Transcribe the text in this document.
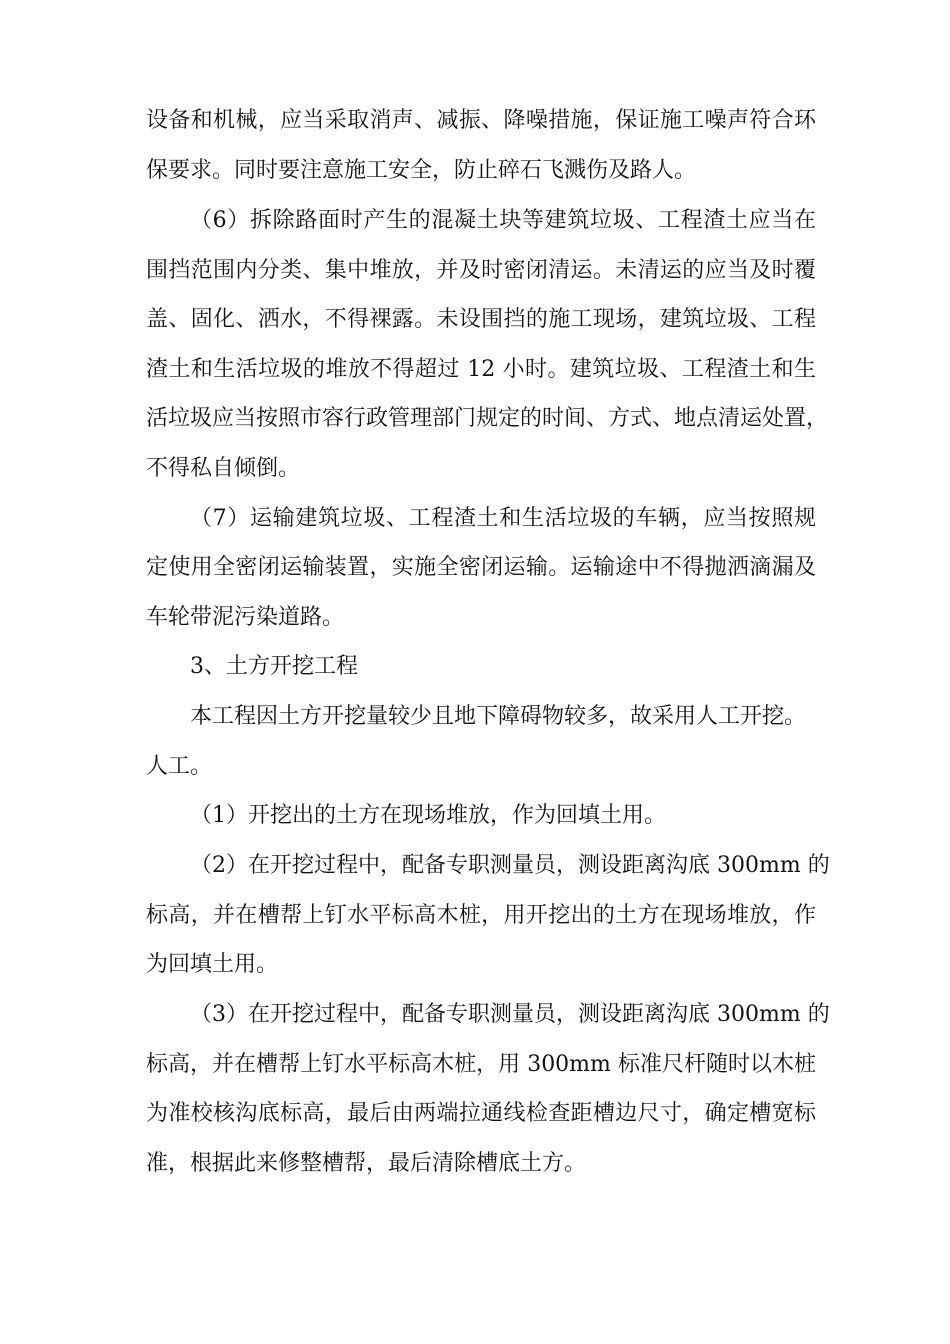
设备和机械，应当采取消声、减振、降噪措施，保证施工噪声符合环
保要求。同时要注意施工安全，防止碎石飞溅伤及路人。
（6）拆除路面时产生的混凝土块等建筑垃圾、工程渣土应当在
围挡范围内分类、集中堆放，并及时密闭清运。未清运的应当及时覆
盖、固化、洒水，不得裸露。未设围挡的施工现场，建筑垃圾、工程
渣土和生活垃圾的堆放不得超过 12 小时。建筑垃圾、工程渣土和生
活垃圾应当按照市容行政管理部门规定的时间、方式、地点清运处置，
不得私自倾倒。
（7）运输建筑垃圾、工程渣土和生活垃圾的车辆，应当按照规
定使用全密闭运输装置，实施全密闭运输。运输途中不得抛洒滴漏及
车轮带泥污染道路。
3、土方开挖工程
本工程因土方开挖量较少且地下障碍物较多，故采用人工开挖。
人工。
（1）开挖出的土方在现场堆放，作为回填土用。
（2）在开挖过程中，配备专职测量员，测设距离沟底 300mm 的
标高，并在槽帮上钉水平标高木桩，用开挖出的土方在现场堆放，作
为回填土用。
（3）在开挖过程中，配备专职测量员，测设距离沟底 300mm 的
标高，并在槽帮上钉水平标高木桩，用 300mm 标准尺杆随时以木桩
为准校核沟底标高，最后由两端拉通线检查距槽边尺寸，确定槽宽标
准，根据此来修整槽帮，最后清除槽底土方。
